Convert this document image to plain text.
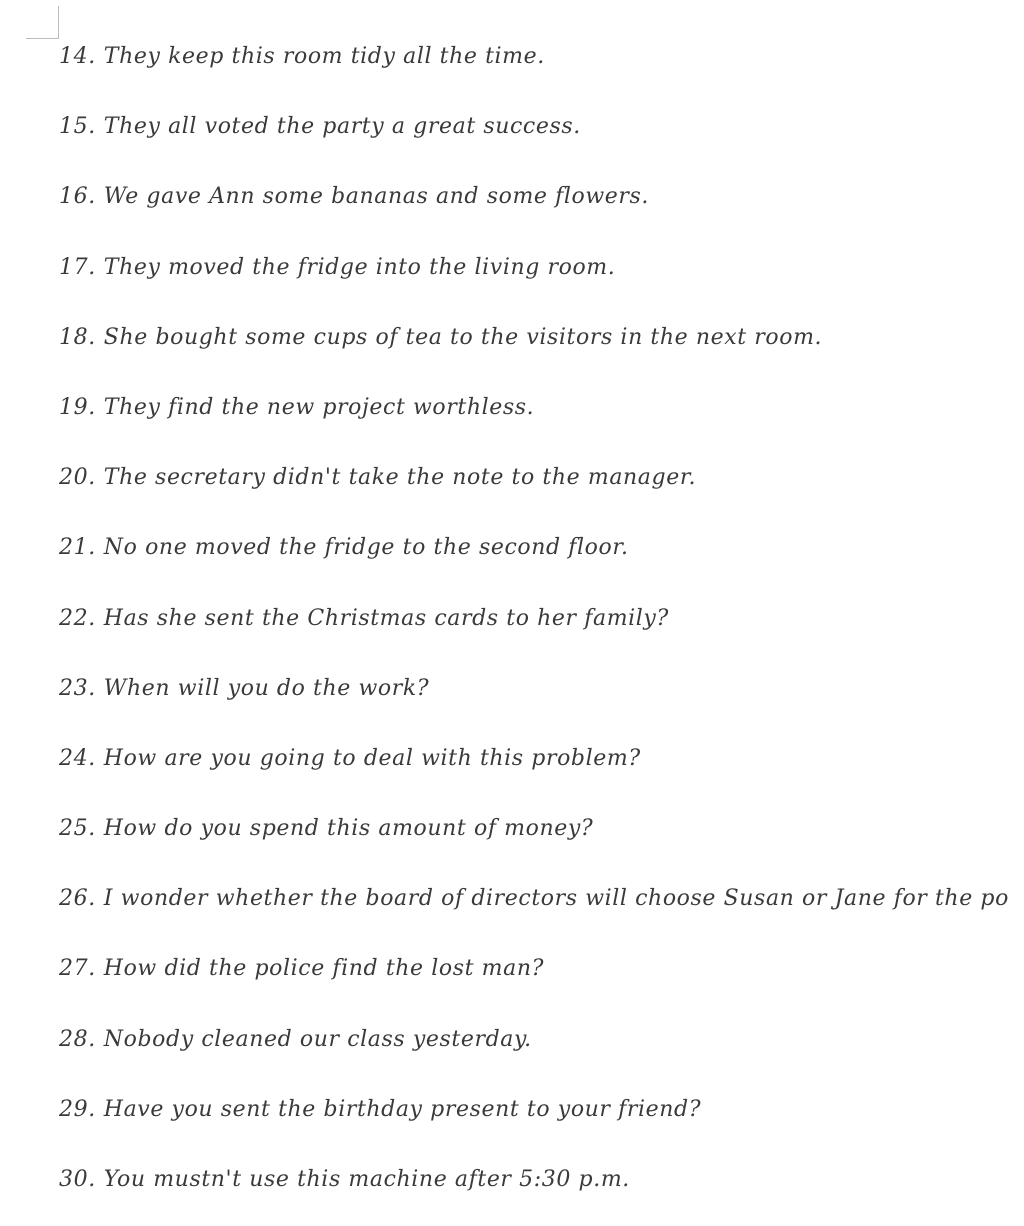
14. They keep this room tidy all the time.
15. They all voted the party a great success.
16. We gave Ann some bananas and some flowers.
17. They moved the fridge into the living room.
18. She bought some cups of tea to the visitors in the next room.
19. They find the new project worthless.
20. The secretary didn't take the note to the manager.
21. No one moved the fridge to the second floor.
22. Has she sent the Christmas cards to her family?
23. When will you do the work?
24. How are you going to deal with this problem?
25. How do you spend this amount of money?
26. I wonder whether the board of directors will choose Susan or Jane for the po
27. How did the police find the lost man?
28. Nobody cleaned our class yesterday.
29. Have you sent the birthday present to your friend?
30. You mustn't use this machine after 5:30 p.m.
